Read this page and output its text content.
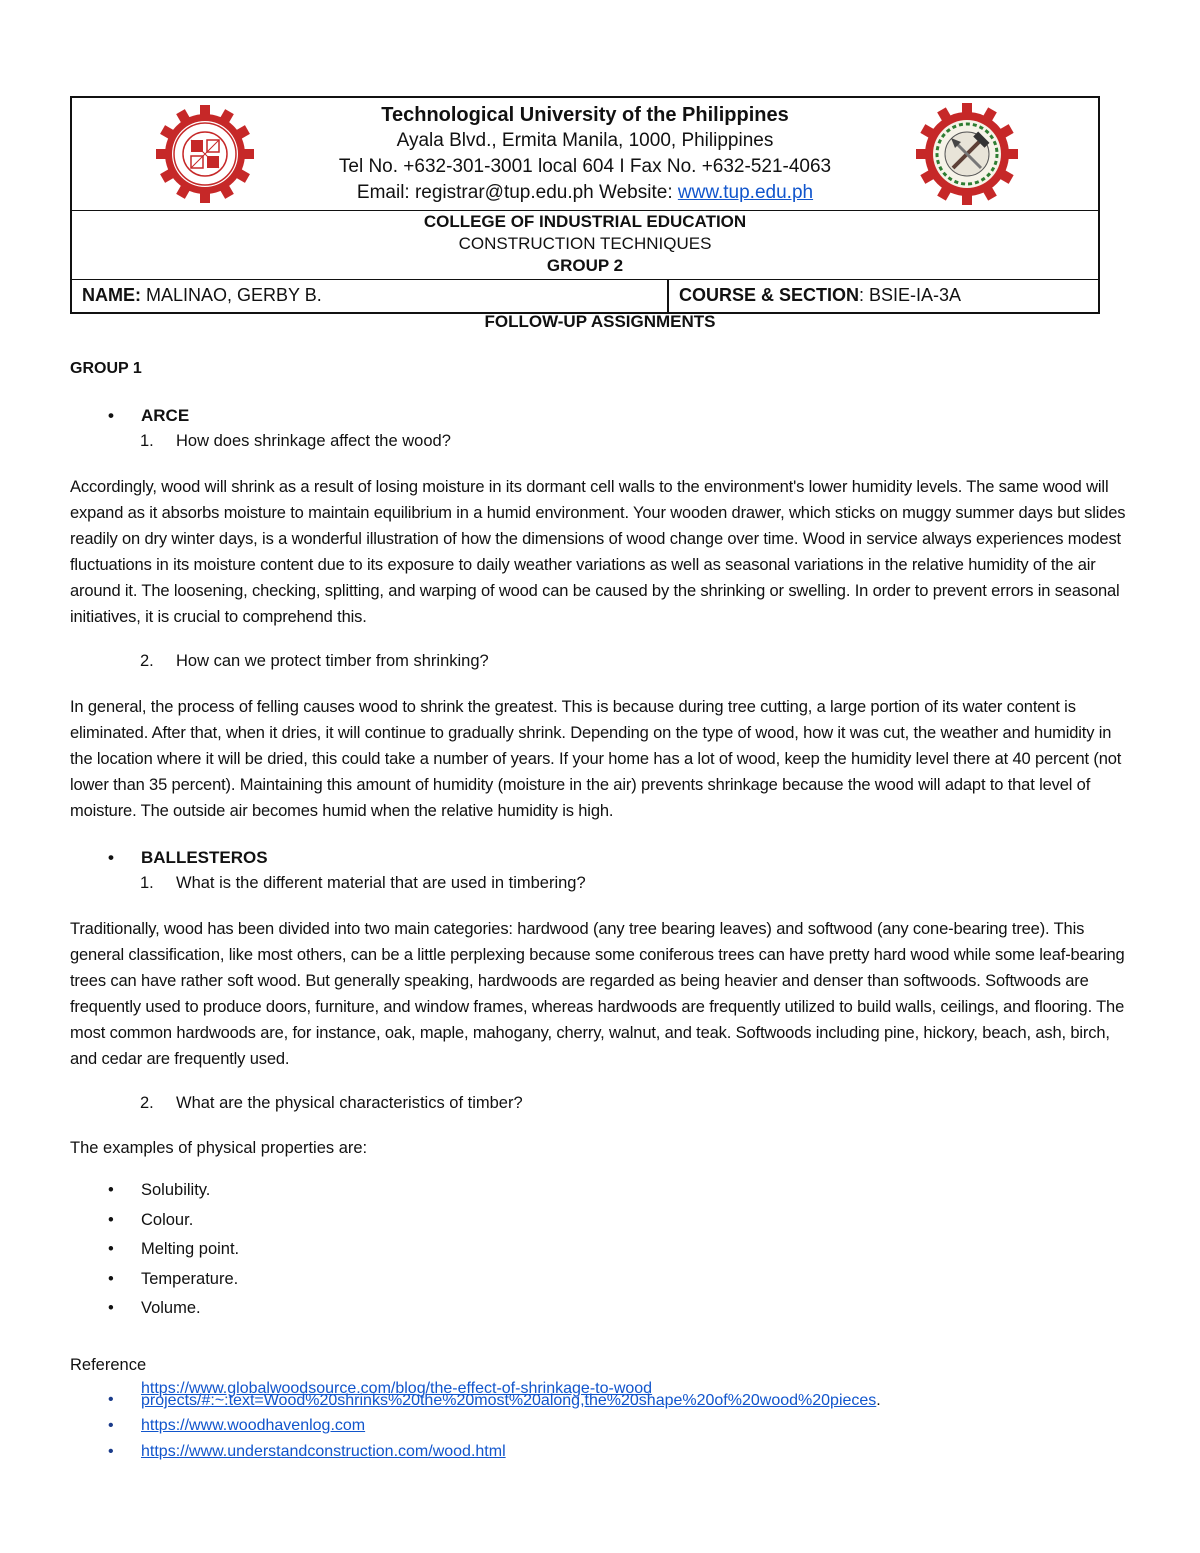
Technological University of the Philippines
Ayala Blvd., Ermita Manila, 1000, Philippines
Tel No. +632-301-3001 local 604 I Fax No. +632-521-4063
Email: registrar@tup.edu.ph Website: www.tup.edu.ph
COLLEGE OF INDUSTRIAL EDUCATION
CONSTRUCTION TECHNIQUES
GROUP 2
NAME: MALINAO, GERBY B.	COURSE & SECTION: BSIE-IA-3A
FOLLOW-UP ASSIGNMENTS
GROUP 1
• ARCE
1. How does shrinkage affect the wood?
Accordingly, wood will shrink as a result of losing moisture in its dormant cell walls to the environment's lower humidity levels. The same wood will expand as it absorbs moisture to maintain equilibrium in a humid environment. Your wooden drawer, which sticks on muggy summer days but slides readily on dry winter days, is a wonderful illustration of how the dimensions of wood change over time. Wood in service always experiences modest fluctuations in its moisture content due to its exposure to daily weather variations as well as seasonal variations in the relative humidity of the air around it. The loosening, checking, splitting, and warping of wood can be caused by the shrinking or swelling. In order to prevent errors in seasonal initiatives, it is crucial to comprehend this.
2. How can we protect timber from shrinking?
In general, the process of felling causes wood to shrink the greatest. This is because during tree cutting, a large portion of its water content is eliminated. After that, when it dries, it will continue to gradually shrink. Depending on the type of wood, how it was cut, the weather and humidity in the location where it will be dried, this could take a number of years. If your home has a lot of wood, keep the humidity level there at 40 percent (not lower than 35 percent). Maintaining this amount of humidity (moisture in the air) prevents shrinkage because the wood will adapt to that level of moisture. The outside air becomes humid when the relative humidity is high.
• BALLESTEROS
1. What is the different material that are used in timbering?
Traditionally, wood has been divided into two main categories: hardwood (any tree bearing leaves) and softwood (any cone-bearing tree). This general classification, like most others, can be a little perplexing because some coniferous trees can have pretty hard wood while some leaf-bearing trees can have rather soft wood. But generally speaking, hardwoods are regarded as being heavier and denser than softwoods. Softwoods are frequently used to produce doors, furniture, and window frames, whereas hardwoods are frequently utilized to build walls, ceilings, and flooring. The most common hardwoods are, for instance, oak, maple, mahogany, cherry, walnut, and teak. Softwoods including pine, hickory, beach, ash, birch, and cedar are frequently used.
2. What are the physical characteristics of timber?
The examples of physical properties are:
• Solubility.
• Colour.
• Melting point.
• Temperature.
• Volume.
Reference
•
https://www.globalwoodsource.com/blog/the-effect-of-shrinkage-to-wood
projects/#:~:text=Wood%20shrinks%20the%20most%20along,the%20shape%20of%20wood%20pieces.
• https://www.woodhavenlog.com
• https://www.understandconstruction.com/wood.html
